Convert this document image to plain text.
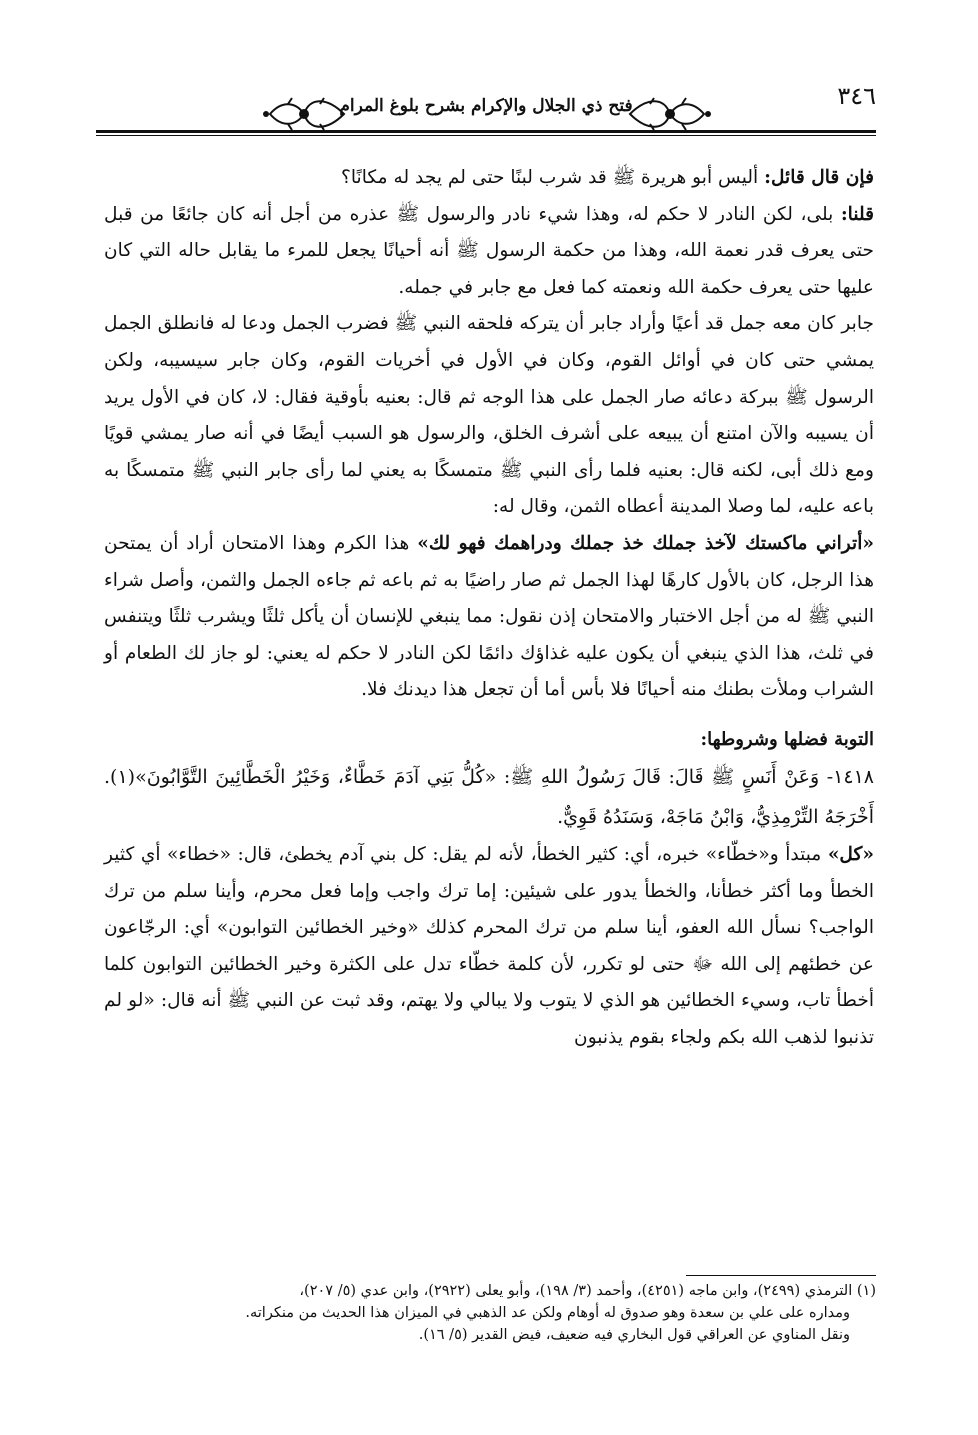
٣٤٦
فتح ذي الجلال والإكرام بشرح بلوغ المرام

فإن قال قائل: أليس أبو هريرة ﷺ قد شرب لبنًا حتى لم يجد له مكانًا؟

قلنا: بلى، لكن النادر لا حكم له، وهذا شيء نادر والرسول ﷺ عذره من أجل أنه كان جائعًا من قبل حتى يعرف قدر نعمة الله، وهذا من حكمة الرسول ﷺ أنه أحيانًا يجعل للمرء ما يقابل حاله التي كان عليها حتى يعرف حكمة الله ونعمته كما فعل مع جابر في جمله.

جابر كان معه جمل قد أعيًا وأراد جابر أن يتركه فلحقه النبي ﷺ فضرب الجمل ودعا له فانطلق الجمل يمشي حتى كان في أوائل القوم، وكان في الأول في أخريات القوم، وكان جابر سيسيبه، ولكن الرسول ﷺ ببركة دعائه صار الجمل على هذا الوجه ثم قال: بعنيه بأوقية فقال: لا، كان في الأول يريد أن يسيبه والآن امتنع أن يبيعه على أشرف الخلق، والرسول هو السبب أيضًا في أنه صار يمشي قويًا ومع ذلك أبى، لكنه قال: بعنيه فلما رأى النبي ﷺ متمسكًا به يعني لما رأى جابر النبي ﷺ متمسكًا به باعه عليه، لما وصلا المدينة أعطاه الثمن، وقال له:

«أتراني ماكستك لآخذ جملك خذ جملك ودراهمك فهو لك» هذا الكرم وهذا الامتحان أراد أن يمتحن هذا الرجل، كان بالأول كارهًا لهذا الجمل ثم صار راضيًا به ثم باعه ثم جاءه الجمل والثمن، وأصل شراء النبي ﷺ له من أجل الاختبار والامتحان إذن نقول: مما ينبغي للإنسان أن يأكل ثلثًا ويشرب ثلثًا ويتنفس في ثلث، هذا الذي ينبغي أن يكون عليه غذاؤك دائمًا لكن النادر لا حكم له يعني: لو جاز لك الطعام أو الشراب وملأت بطنك منه أحيانًا فلا بأس أما أن تجعل هذا ديدنك فلا.

التوبة فضلها وشروطها:

١٤١٨- وَعَنْ أَنَسٍ ﷺ قَالَ: قَالَ رَسُولُ اللهِ ﷺ: «كُلُّ بَنِي آدَمَ خَطَّاءٌ، وَخَيْرُ الْخَطَّائِينَ التَّوَّابُونَ»(١). أَخْرَجَهُ التِّرْمِذِيُّ، وَابْنُ مَاجَهْ، وَسَنَدُهُ قَوِيٌّ.

«كل» مبتدأ و«خطّاء» خبره، أي: كثير الخطأ، لأنه لم يقل: كل بني آدم يخطئ، قال: «خطاء» أي كثير الخطأ وما أكثر خطأنا، والخطأ يدور على شيئين: إما ترك واجب وإما فعل محرم، وأينا سلم من ترك الواجب؟ نسأل الله العفو، أينا سلم من ترك المحرم كذلك «وخير الخطائين التوابون» أي: الرجّاعون عن خطئهم إلى الله ﷻ حتى لو تكرر، لأن كلمة خطّاء تدل على الكثرة وخير الخطائين التوابون كلما أخطأ تاب، وسيء الخطائين هو الذي لا يتوب ولا يبالي ولا يهتم، وقد ثبت عن النبي ﷺ أنه قال: «لو لم تذنبوا لذهب الله بكم ولجاء بقوم يذنبون

(١) الترمذي (٢٤٩٩)، وابن ماجه (٤٢٥١)، وأحمد (٣/ ١٩٨)، وأبو يعلى (٢٩٢٢)، وابن عدي (٥/ ٢٠٧)،

ومداره على علي بن سعدة وهو صدوق له أوهام ولكن عد الذهبي في الميزان هذا الحديث من منكراته.

ونقل المناوي عن العراقي قول البخاري فيه ضعيف، فيض القدير (٥/ ١٦).
